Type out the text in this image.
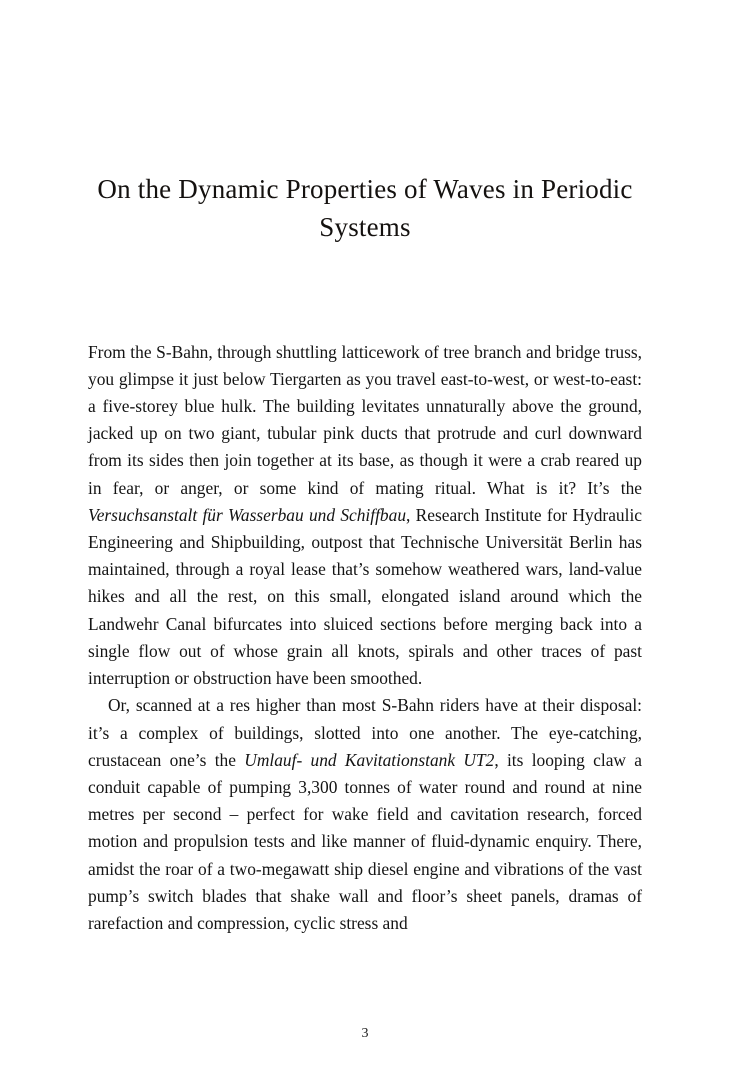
On the Dynamic Properties of Waves in Periodic Systems

From the S-Bahn, through shuttling latticework of tree branch and bridge truss, you glimpse it just below Tiergarten as you travel east-to-west, or west-to-east: a five-storey blue hulk. The building levitates unnaturally above the ground, jacked up on two giant, tubular pink ducts that protrude and curl downward from its sides then join together at its base, as though it were a crab reared up in fear, or anger, or some kind of mating ritual. What is it? It’s the Versuchsanstalt für Wasserbau und Schiffbau, Research Institute for Hydraulic Engineering and Shipbuilding, outpost that Technische Universität Berlin has maintained, through a royal lease that’s somehow weathered wars, land-value hikes and all the rest, on this small, elongated island around which the Landwehr Canal bifurcates into sluiced sections before merging back into a single flow out of whose grain all knots, spirals and other traces of past interruption or obstruction have been smoothed.

Or, scanned at a res higher than most S-Bahn riders have at their disposal: it’s a complex of buildings, slotted into one another. The eye-catching, crustacean one’s the Umlauf- und Kavitationstank UT2, its looping claw a conduit capable of pumping 3,300 tonnes of water round and round at nine metres per second – perfect for wake field and cavitation research, forced motion and propulsion tests and like manner of fluid-dynamic enquiry. There, amidst the roar of a two-megawatt ship diesel engine and vibrations of the vast pump’s switch blades that shake wall and floor’s sheet panels, dramas of rarefaction and compression, cyclic stress and

3
